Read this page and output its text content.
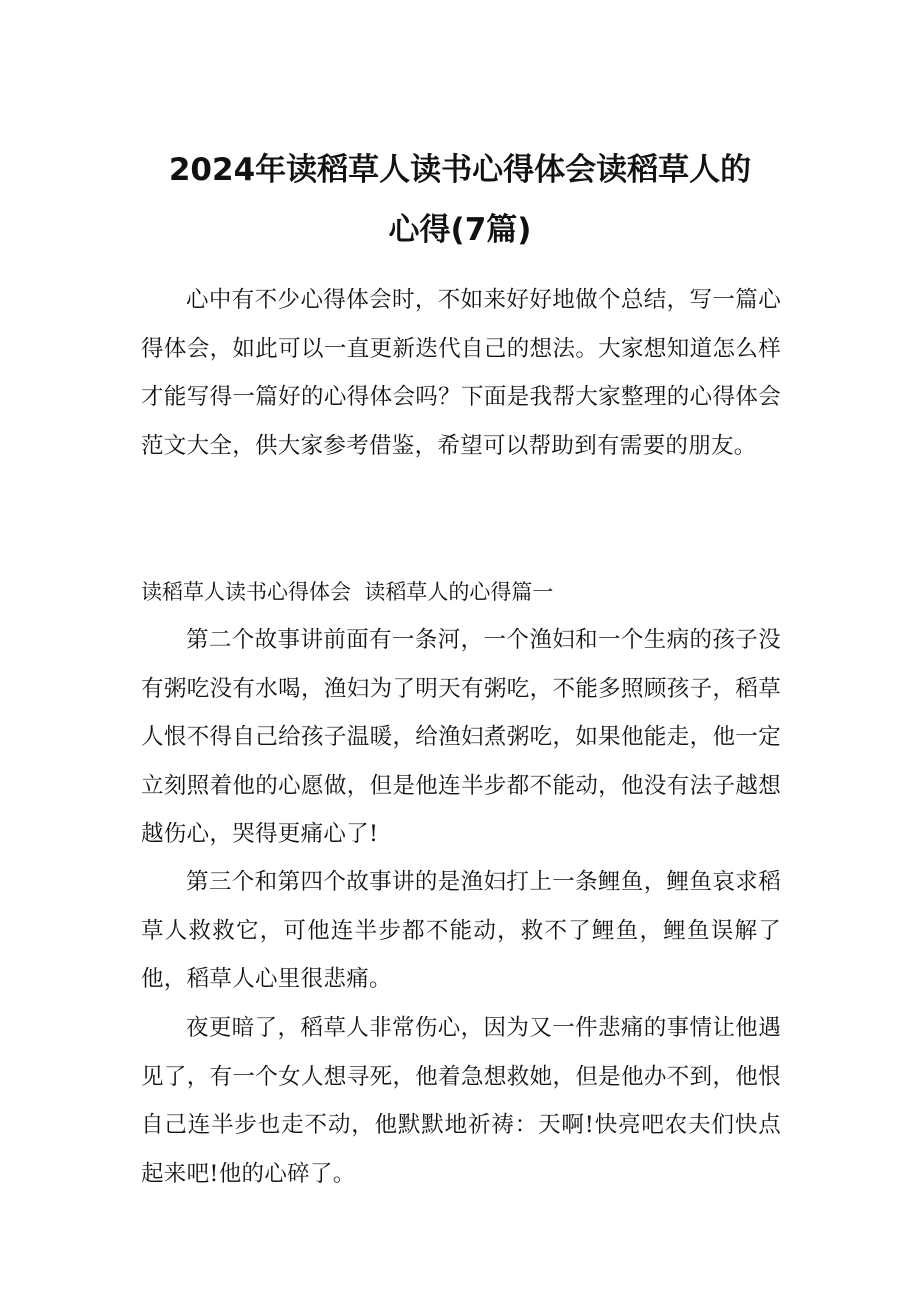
2024年读稻草人读书心得体会读稻草人的
心得(7篇)

心中有不少心得体会时，不如来好好地做个总结，写一篇心得体会，如此可以一直更新迭代自己的想法。大家想知道怎么样才能写得一篇好的心得体会吗？下面是我帮大家整理的心得体会范文大全，供大家参考借鉴，希望可以帮助到有需要的朋友。

读稻草人读书心得体会  读稻草人的心得篇一

第二个故事讲前面有一条河，一个渔妇和一个生病的孩子没有粥吃没有水喝，渔妇为了明天有粥吃，不能多照顾孩子，稻草人恨不得自己给孩子温暖，给渔妇煮粥吃，如果他能走，他一定立刻照着他的心愿做，但是他连半步都不能动，他没有法子越想越伤心，哭得更痛心了!

第三个和第四个故事讲的是渔妇打上一条鲤鱼，鲤鱼哀求稻草人救救它，可他连半步都不能动，救不了鲤鱼，鲤鱼误解了他，稻草人心里很悲痛。

夜更暗了，稻草人非常伤心，因为又一件悲痛的事情让他遇见了，有一个女人想寻死，他着急想救她，但是他办不到，他恨自己连半步也走不动，他默默地祈祷：天啊!快亮吧农夫们快点起来吧!他的心碎了。
